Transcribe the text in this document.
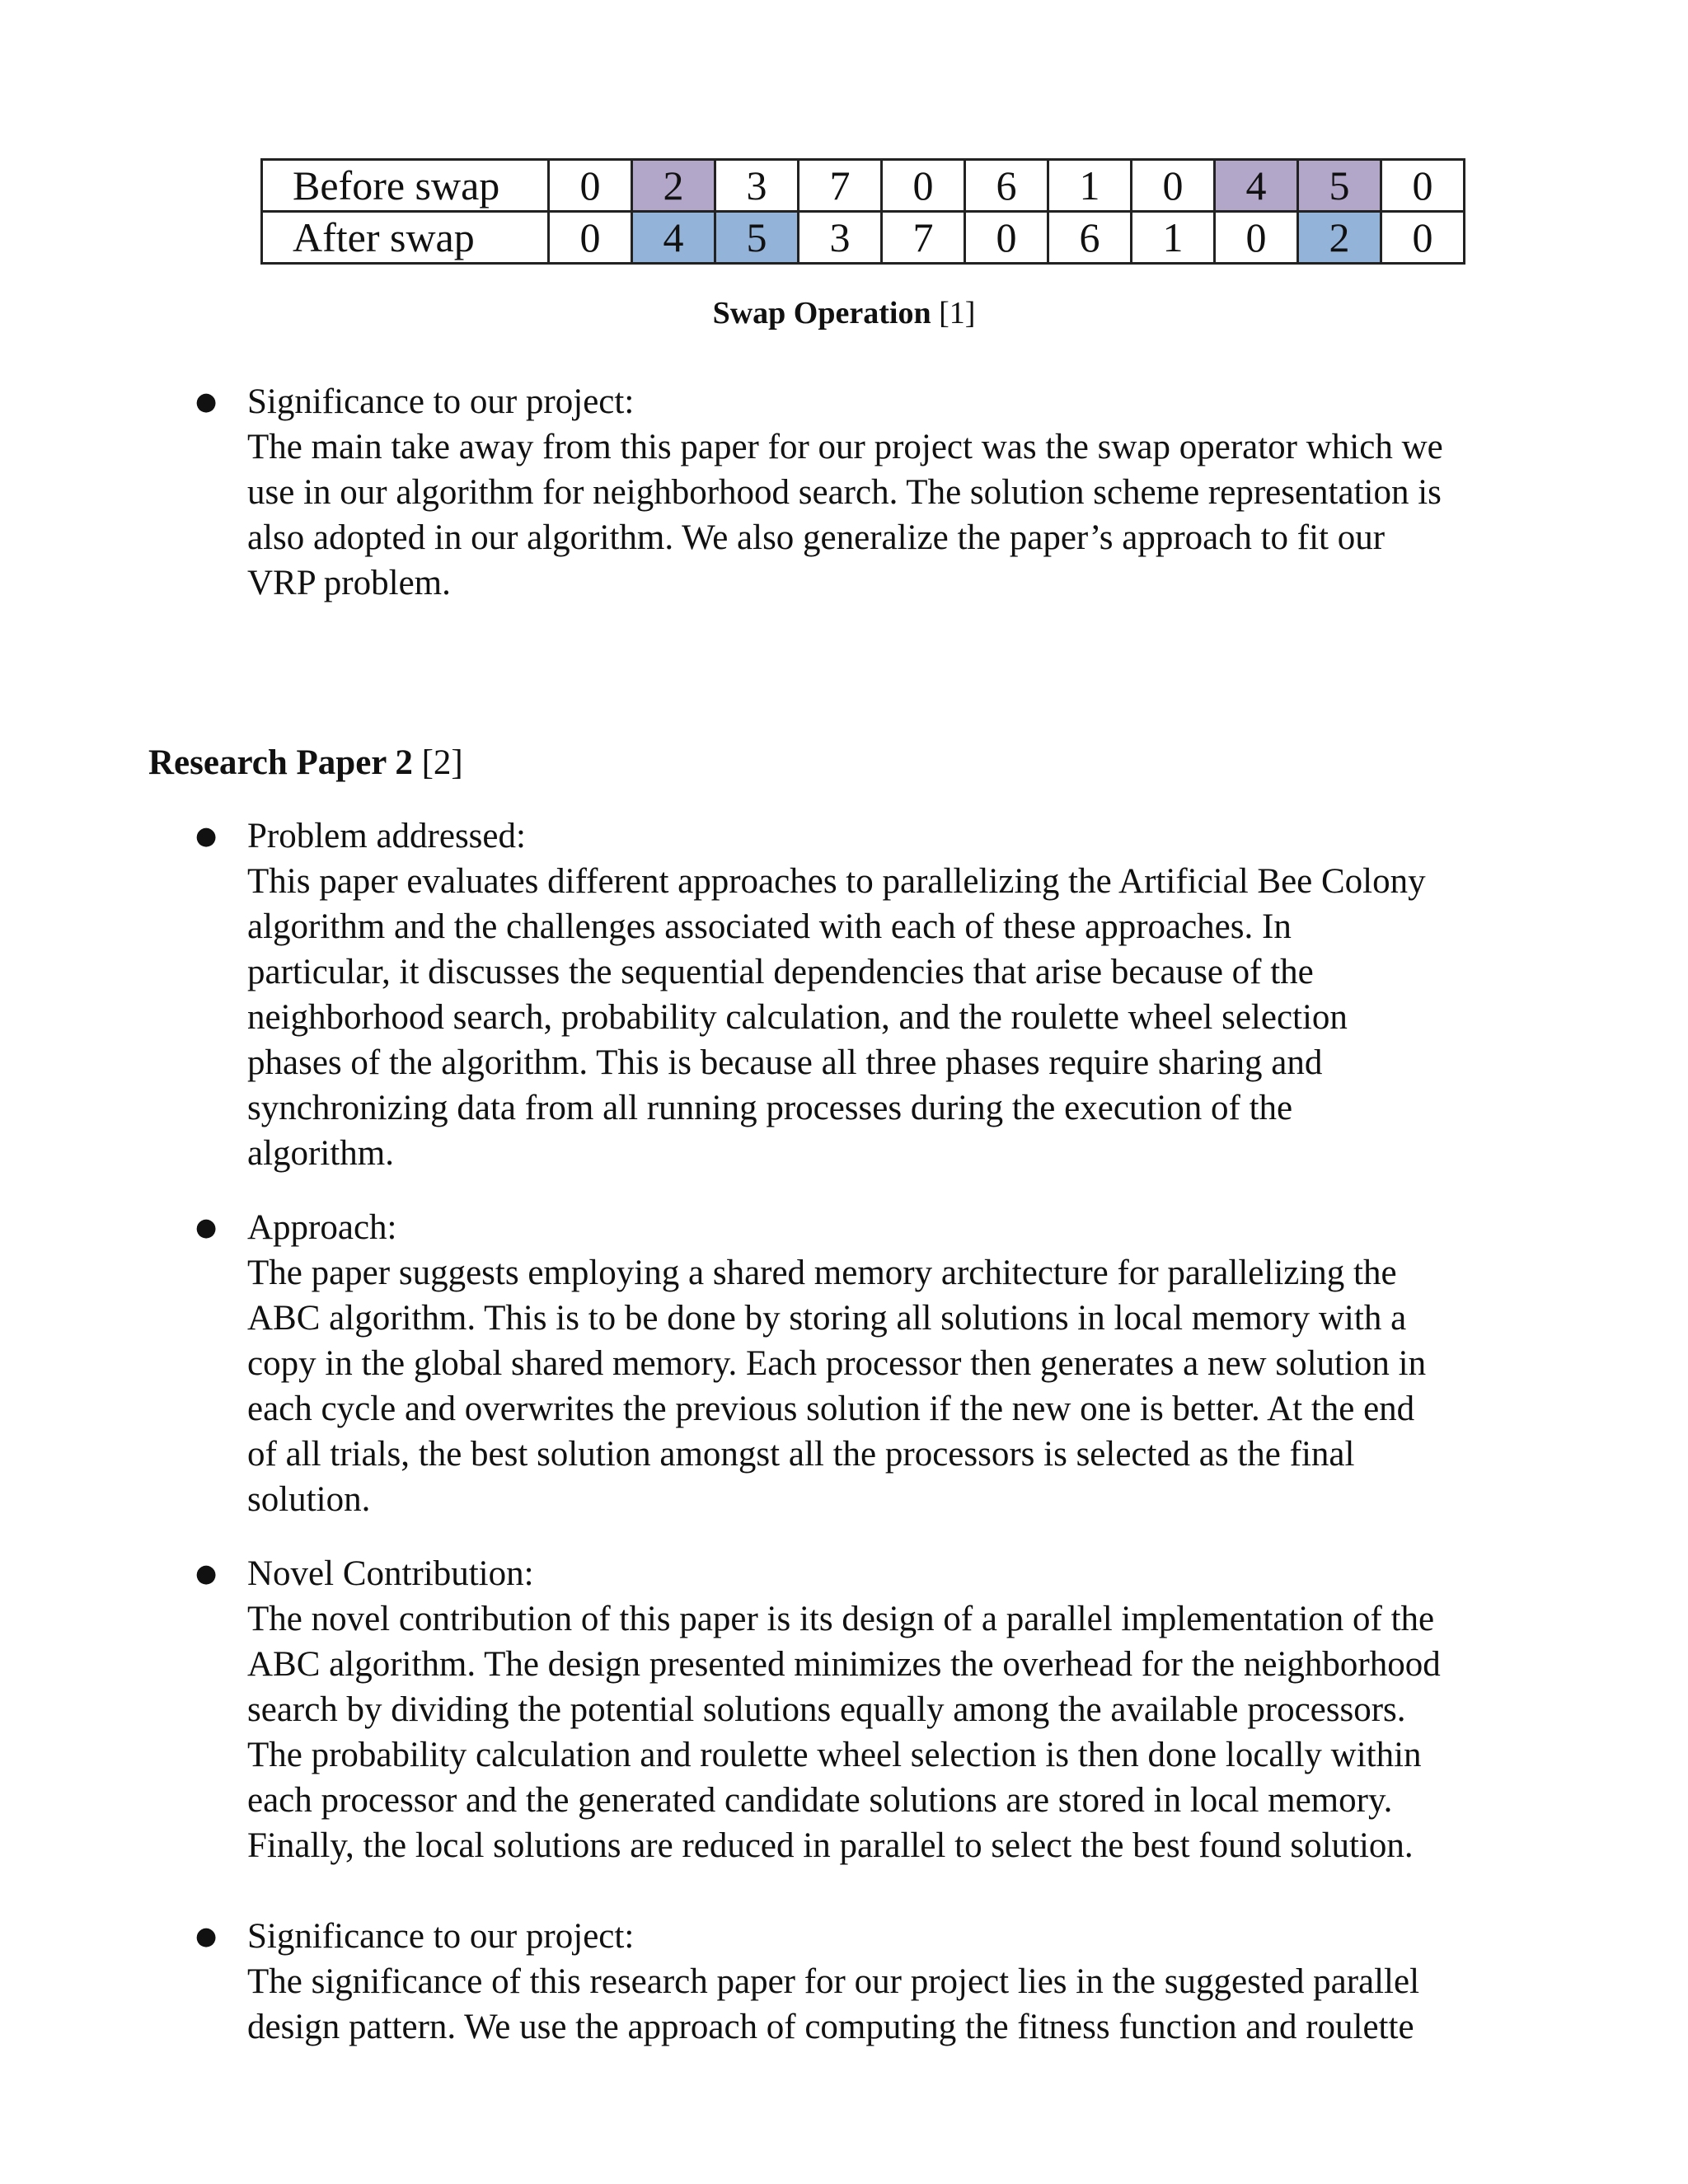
Before swap	0	2	3	7	0	6	1	0	4	5	0
After swap	0	4	5	3	7	0	6	1	0	2	0
Swap Operation [1]
● Significance to our project:

The main take away from this paper for our project was the swap operator which we

use in our algorithm for neighborhood search. The solution scheme representation is

also adopted in our algorithm. We also generalize the paper’s approach to fit our

VRP problem.

Research Paper 2 [2]
● Problem addressed:

This paper evaluates different approaches to parallelizing the Artificial Bee Colony

algorithm and the challenges associated with each of these approaches. In

particular, it discusses the sequential dependencies that arise because of the

neighborhood search, probability calculation, and the roulette wheel selection

phases of the algorithm. This is because all three phases require sharing and

synchronizing data from all running processes during the execution of the

algorithm.

● Approach:

The paper suggests employing a shared memory architecture for parallelizing the

ABC algorithm. This is to be done by storing all solutions in local memory with a

copy in the global shared memory. Each processor then generates a new solution in

each cycle and overwrites the previous solution if the new one is better. At the end

of all trials, the best solution amongst all the processors is selected as the final

solution.

● Novel Contribution:

The novel contribution of this paper is its design of a parallel implementation of the

ABC algorithm. The design presented minimizes the overhead for the neighborhood

search by dividing the potential solutions equally among the available processors.

The probability calculation and roulette wheel selection is then done locally within

each processor and the generated candidate solutions are stored in local memory.

Finally, the local solutions are reduced in parallel to select the best found solution.

● Significance to our project:

The significance of this research paper for our project lies in the suggested parallel

design pattern. We use the approach of computing the fitness function and roulette
